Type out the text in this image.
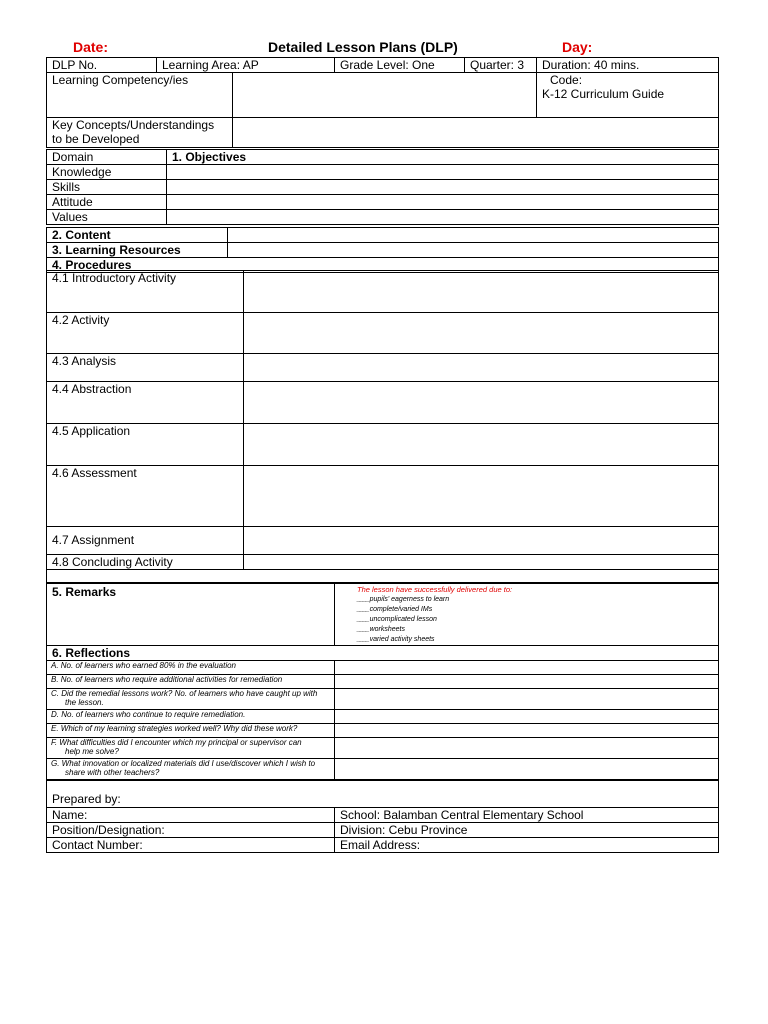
Date:	Detailed Lesson Plans (DLP)	Day:
DLP No.	Learning Area: AP		Grade Level: One	Quarter: 3	Duration: 40 mins.
Learning Competency/ies					Code:
K-12 Curriculum Guide
Key Concepts/Understandings
to be Developed					
Domain	1. Objectives
Knowledge	
Skills	
Attitude	
Values	
2. Content	
3. Learning Resources	
4. Procedures	
4.1 Introductory Activity	
4.2 Activity	
4.3 Analysis	
4.4 Abstraction	
4.5 Application	
4.6 Assessment	
4.7 Assignment	
4.8 Concluding Activity	

5. Remarks	The lesson have successfully delivered due to:
____ pupils' eagerness to learn
____ complete/varied IMs
____ uncomplicated lesson
____ worksheets
____ varied activity sheets
6. Reflections	
A. No. of learners who earned 80% in the evaluation	
B. No. of learners who require additional activities for remediation	
C. Did the remedial lessons work? No. of learners who have caught up with
the lesson.	

D. No. of learners who continue to require remediation.	
E. Which of my learning strategies worked well? Why did these work?	
F. What difficulties did I encounter which my principal or supervisor can
help me solve?	

G. What innovation or localized materials did I use/discover which I wish to
share with other teachers?	

Prepared by:	
Name:	School: Balamban Central Elementary School
Position/Designation:	Division: Cebu Province
Contact Number:	Email Address:
